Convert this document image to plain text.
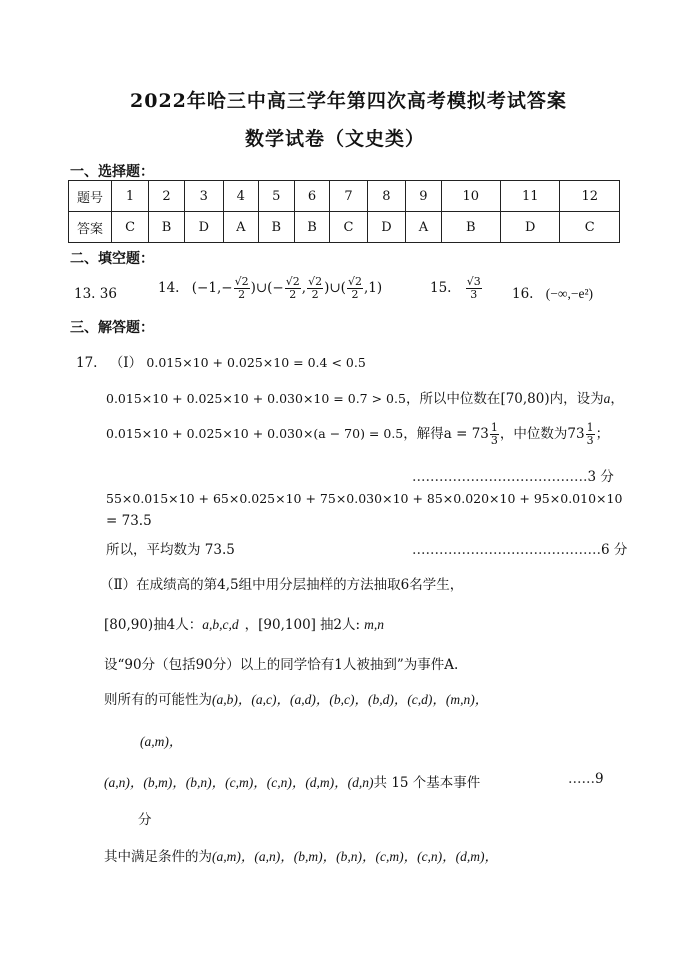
2022年哈三中高三学年第四次高考模拟考试答案
数学试卷（文史类）
一、选择题：
题号	1	2	3	4	5	6	7	8	9	10	11	12
答案	C	B	D	A	B	B	C	D	A	B	D	C
二、填空题：
13. 36	14. ($-1,- \frac{√2}{2}$ )∪(− $\frac{√2}{2}$ , $\frac{√2}{2}$ )∪( $\frac{√2}{2} ,1$)	15. $\frac{√3}{3} 16$. (−∞,−e²)
三、解答题：
17. （Ⅰ） 0.015×10 + 0.025×10 = 0.4 < 0.5
0.015×10 + 0.025×10 + 0.030×10 = 0.7 > 0.5，所以中位数在[70,80)内，设为a，
0.015×10 + 0.025×10 + 0.030×(a − 70) = 0.5，解得$a = 73 \frac{1}{3}$ ，中位数为$73 \frac{1}{3}$ ；
…………………………………3 分
55×0.015×10 + 65×0.025×10 + 75×0.030×10 + 85×0.020×10 + 95×0.010×10
= 73.5
所以，平均数为 73.5	……………………………………6 分
（Ⅱ）在成绩高的第4,5组中用分层抽样的方法抽取6名学生，
[80,90)抽4人：a,b,c,d ，[90,100] 抽2人: m,n
设“90分（包括90分）以上的同学恰有1人被抽到”为事件A.
则所有的可能性为(a,b)，(a,c)，(a,d)，(b,c)，(b,d)，(c,d)，(m,n)，
(a,m)，
(a,n)，(b,m)，(b,n)，(c,m)，(c,n)，(d,m)，(d,n)共 15 个基本事件	……9
分
其中满足条件的为(a,m)，(a,n)，(b,m)，(b,n)，(c,m)，(c,n)，(d,m)，
